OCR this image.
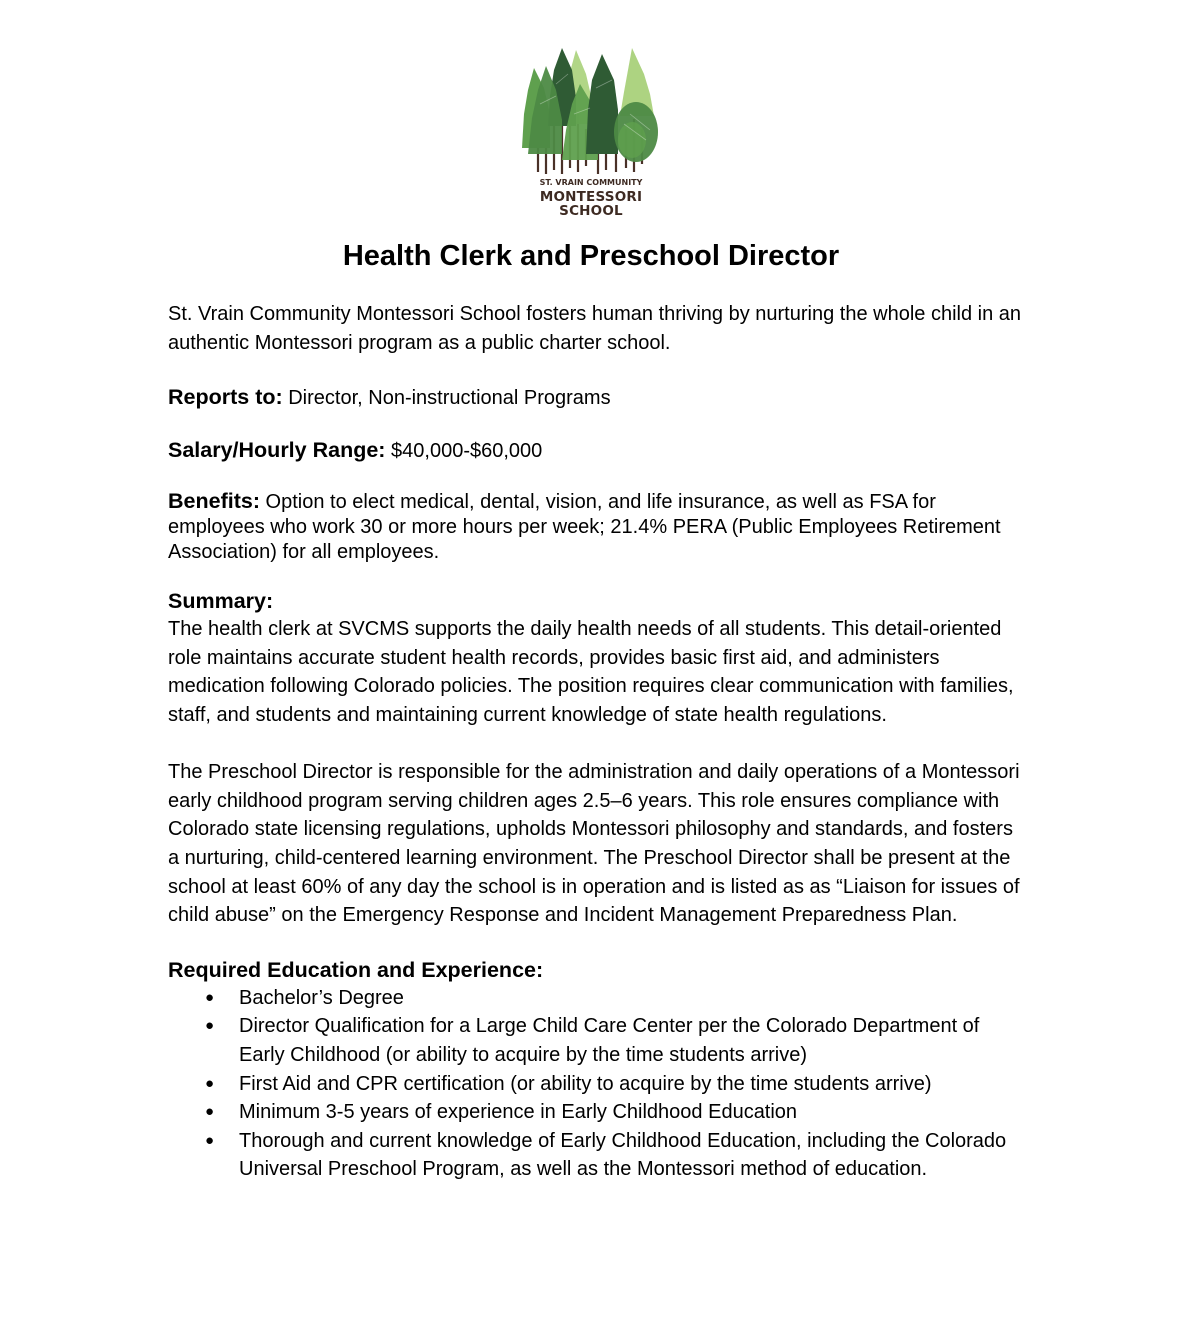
ST. VRAIN COMMUNITY
MONTESSORI
SCHOOL
Health Clerk and Preschool Director

St. Vrain Community Montessori School fosters human thriving by nurturing the whole child in an authentic Montessori program as a public charter school.

Reports to: Director, Non-instructional Programs

Salary/Hourly Range: $40,000-$60,000

Benefits: Option to elect medical, dental, vision, and life insurance, as well as FSA for employees who work 30 or more hours per week; 21.4% PERA (Public Employees Retirement Association) for all employees.

Summary:

The health clerk at SVCMS supports the daily health needs of all students. This detail-oriented role maintains accurate student health records, provides basic first aid, and administers medication following Colorado policies. The position requires clear communication with families, staff, and students and maintaining current knowledge of state health regulations.

The Preschool Director is responsible for the administration and daily operations of a Montessori early childhood program serving children ages 2.5–6 years. This role ensures compliance with Colorado state licensing regulations, upholds Montessori philosophy and standards, and fosters a nurturing, child-centered learning environment. The Preschool Director shall be present at the school at least 60% of any day the school is in operation and is listed as as “Liaison for issues of child abuse” on the Emergency Response and Incident Management Preparedness Plan.

Required Education and Experience:
● Bachelor’s Degree
● Director Qualification for a Large Child Care Center per the Colorado Department of Early Childhood (or ability to acquire by the time students arrive)
● First Aid and CPR certification (or ability to acquire by the time students arrive)
● Minimum 3-5 years of experience in Early Childhood Education
● Thorough and current knowledge of Early Childhood Education, including the Colorado Universal Preschool Program, as well as the Montessori method of education.
